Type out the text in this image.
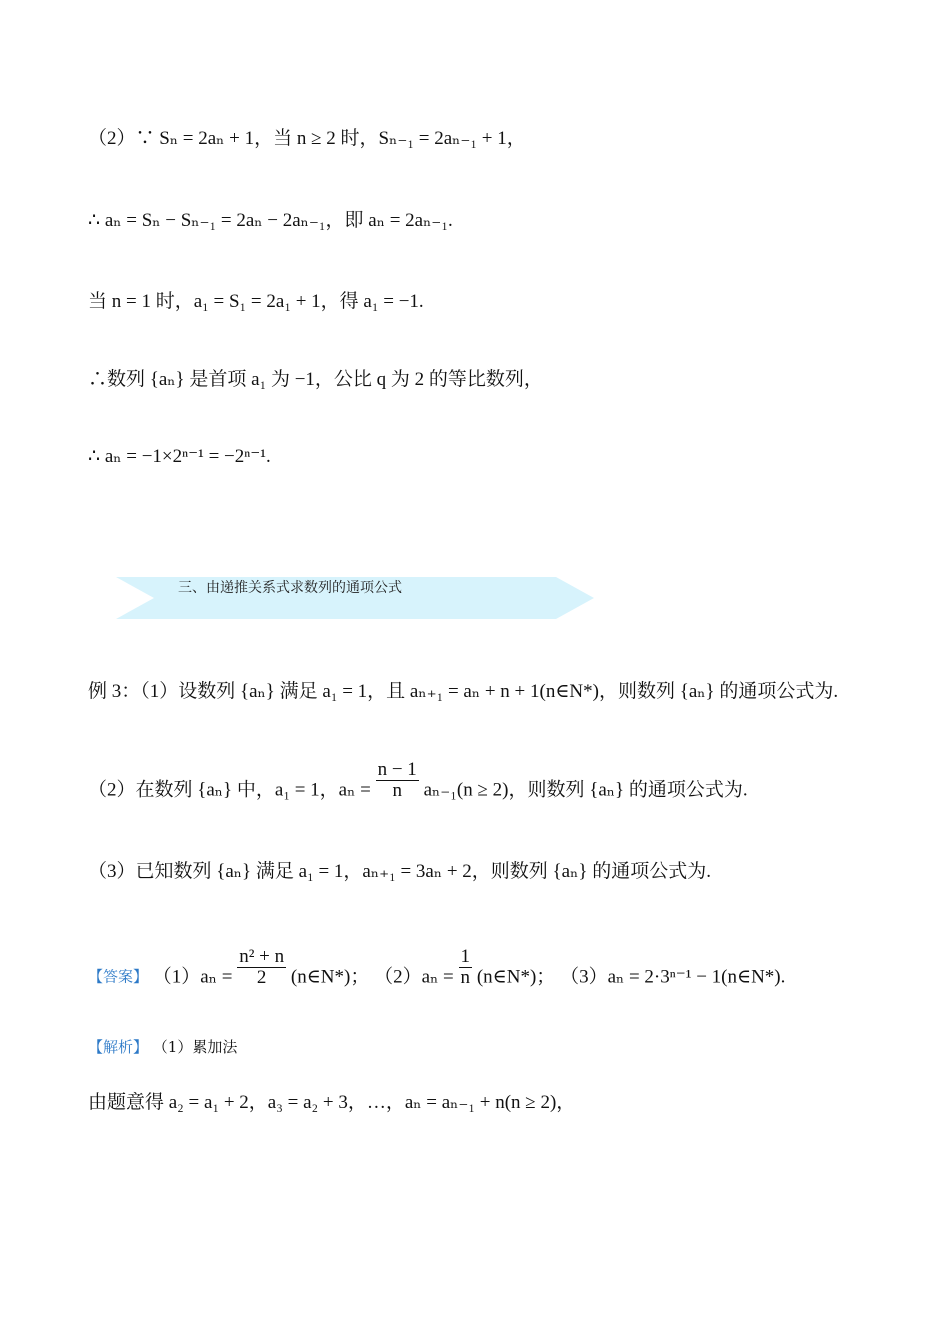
（2）∵ Sₙ = 2aₙ + 1，当 n ≥ 2 时，Sₙ₋₁ = 2aₙ₋₁ + 1，
∴ aₙ = Sₙ − Sₙ₋₁ = 2aₙ − 2aₙ₋₁，即 aₙ = 2aₙ₋₁.
当 n = 1 时，a₁ = S₁ = 2a₁ + 1，得 a₁ = −1.
∴数列 {aₙ} 是首项 a₁ 为 −1，公比 q 为 2 的等比数列，
∴ aₙ = −1×2ⁿ⁻¹ = −2ⁿ⁻¹.
三、由递推关系式求数列的通项公式
例 3：（1）设数列 {aₙ} 满足 a₁ = 1，且 aₙ₊₁ = aₙ + n + 1(n∈N*)，则数列 {aₙ} 的通项公式为.
（2）在数列 {aₙ} 中，a₁ = 1，$a_n = \frac{n - 1}{n} a_{n-1}(n \ge 2)$，则数列 {aₙ} 的通项公式为.
（3）已知数列 {aₙ} 满足 a₁ = 1，aₙ₊₁ = 3aₙ + 2，则数列 {aₙ} 的通项公式为.
【答案】 $(1)a_n = \frac{\text{n² + n}}{2}$ (n∈N*)； $(2)a_n = \frac{1}{n}$ (n∈N*)； （3）aₙ = 2·3ⁿ⁻¹ − 1(n∈N*).
【解析】 （1）累加法
由题意得 a₂ = a₁ + 2，a₃ = a₂ + 3，…，aₙ = aₙ₋₁ + n(n ≥ 2)，
